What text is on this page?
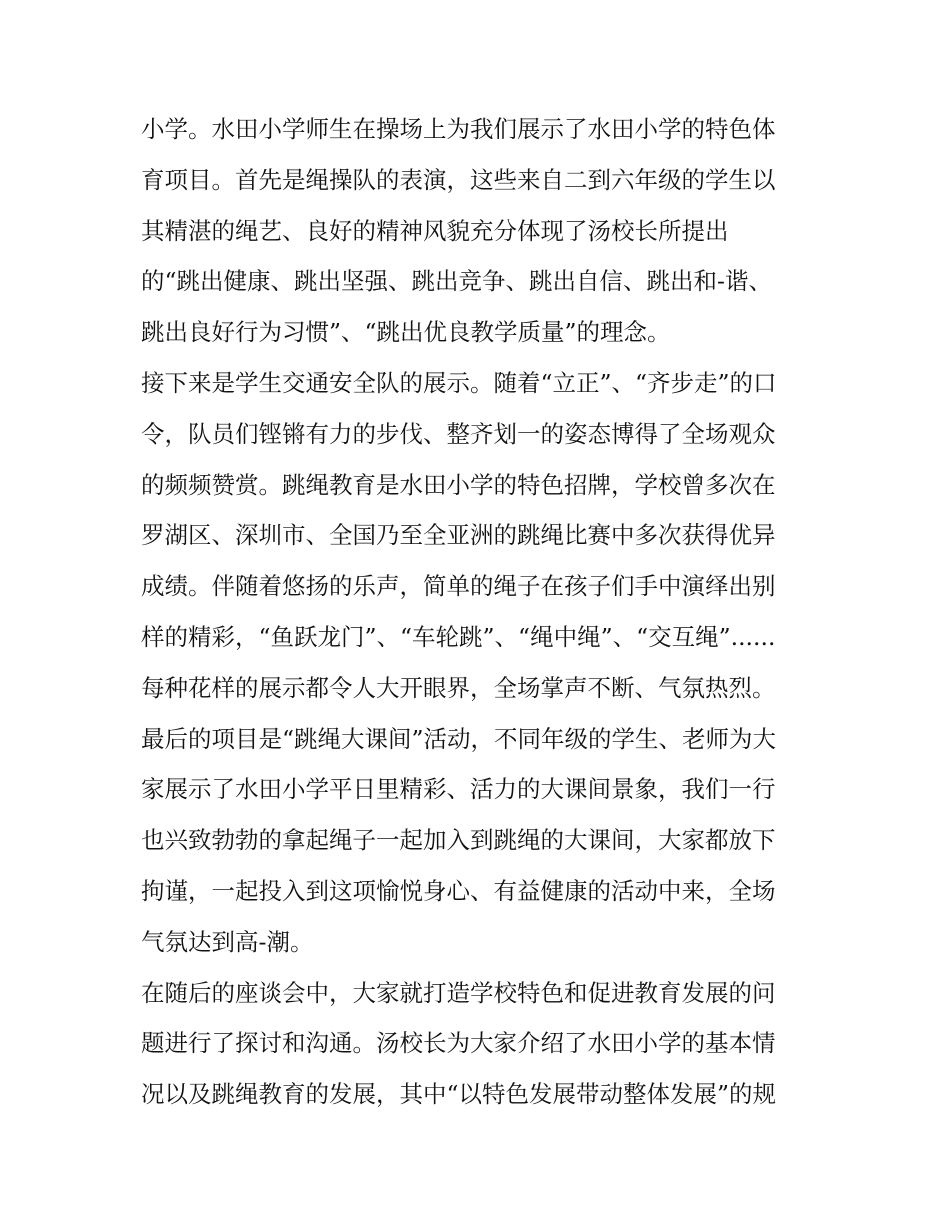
小学。水田小学师生在操场上为我们展示了水田小学的特色体
育项目。首先是绳操队的表演，这些来自二到六年级的学生以
其精湛的绳艺、良好的精神风貌充分体现了汤校长所提出
的“跳出健康、跳出坚强、跳出竞争、跳出自信、跳出和-谐、
跳出良好行为习惯”、“跳出优良教学质量”的理念。
接下来是学生交通安全队的展示。随着“立正”、“齐步走”的口
令，队员们铿锵有力的步伐、整齐划一的姿态博得了全场观众
的频频赞赏。跳绳教育是水田小学的特色招牌，学校曾多次在
罗湖区、深圳市、全国乃至全亚洲的跳绳比赛中多次获得优异
成绩。伴随着悠扬的乐声，简单的绳子在孩子们手中演绎出别
样的精彩，“鱼跃龙门”、“车轮跳”、“绳中绳”、“交互绳”......
每种花样的展示都令人大开眼界，全场掌声不断、气氛热烈。
最后的项目是“跳绳大课间”活动，不同年级的学生、老师为大
家展示了水田小学平日里精彩、活力的大课间景象，我们一行
也兴致勃勃的拿起绳子一起加入到跳绳的大课间，大家都放下
拘谨，一起投入到这项愉悦身心、有益健康的活动中来，全场
气氛达到高-潮。
在随后的座谈会中，大家就打造学校特色和促进教育发展的问
题进行了探讨和沟通。汤校长为大家介绍了水田小学的基本情
况以及跳绳教育的发展，其中“以特色发展带动整体发展”的规
